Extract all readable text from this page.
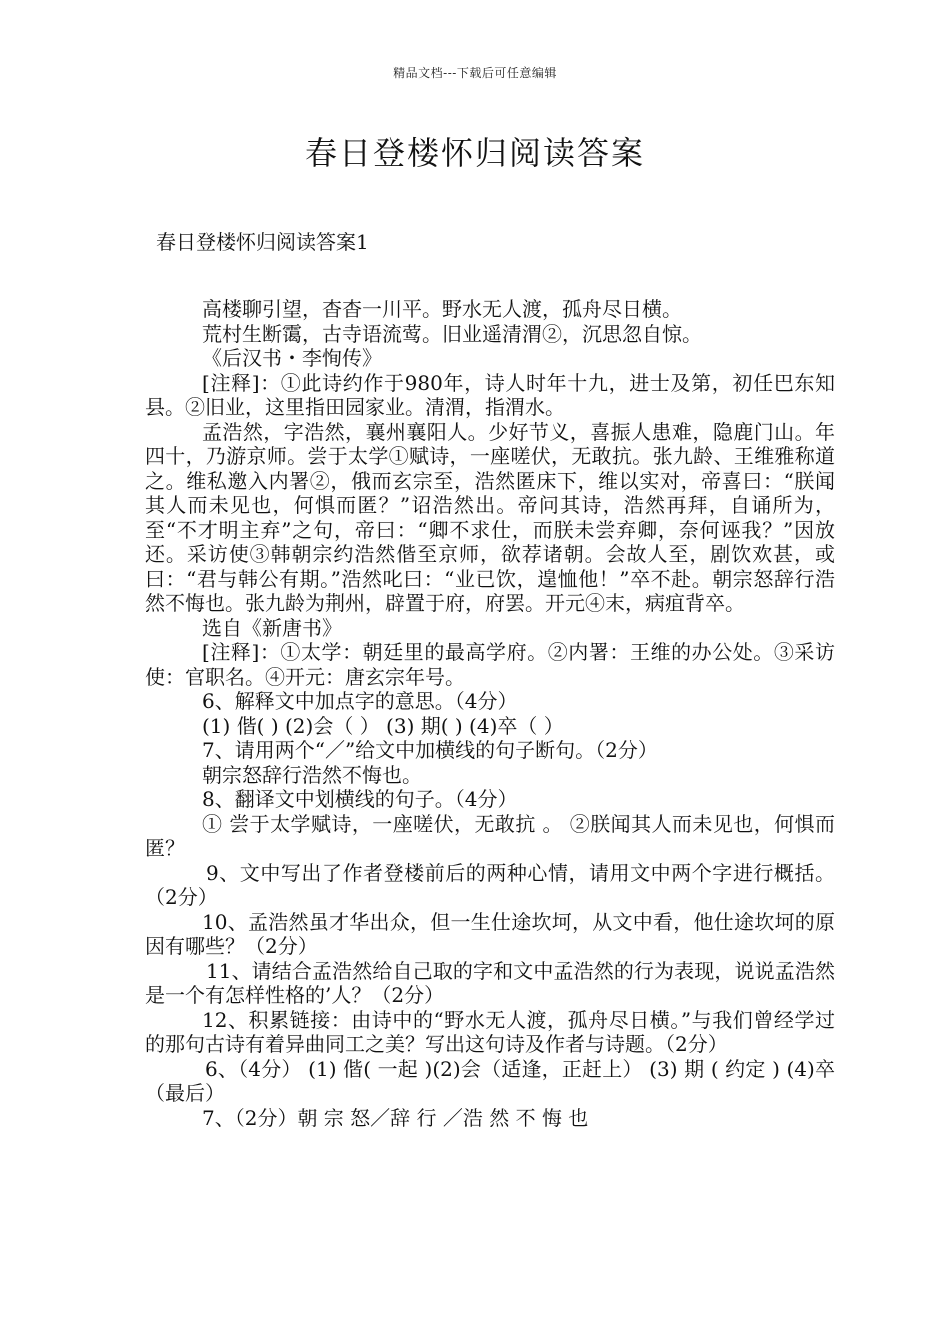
精品文档---下载后可任意编辑
春日登楼怀归阅读答案
春日登楼怀归阅读答案1

高楼聊引望，杳杳一川平。野水无人渡，孤舟尽日横。

荒村生断霭，古寺语流莺。旧业遥清渭②，沉思忽自惊。

《后汉书・李恂传》

[注释]：①此诗约作于980年，诗人时年十九，进士及第，初任巴东知县。②旧业，这里指田园家业。清渭，指渭水。

孟浩然，字浩然，襄州襄阳人。少好节义，喜振人患难，隐鹿门山。年四十，乃游京师。尝于太学①赋诗，一座嗟伏，无敢抗。张九龄、王维雅称道之。维私邀入内署②，俄而玄宗至，浩然匿床下，维以实对，帝喜曰：“朕闻其人而未见也，何惧而匿？”诏浩然出。帝问其诗，浩然再拜，自诵所为，至“不才明主弃”之句，帝曰：“卿不求仕，而朕未尝弃卿，奈何诬我？”因放还。采访使③韩朝宗约浩然偕至京师，欲荐诸朝。会故人至，剧饮欢甚，或曰：“君与韩公有期。”浩然叱曰：“业已饮，遑恤他！”卒不赴。朝宗怒辞行浩然不悔也。张九龄为荆州，辟置于府，府罢。开元④末，病疽背卒。

选自《新唐书》

[注释]：①太学：朝廷里的最高学府。②内署：王维的办公处。③采访使：官职名。④开元：唐玄宗年号。

6、解释文中加点字的意思。（4分）

(1) 偕( ) (2)会（ ） (3) 期( ) (4)卒（ ）

7、请用两个“／”给文中加横线的句子断句。（2分）

朝宗怒辞行浩然不悔也。

8、翻译文中划横线的句子。（4分）

① 尝于太学赋诗，一座嗟伏，无敢抗 。 ②朕闻其人而未见也，何惧而匿？

9、文中写出了作者登楼前后的两种心情，请用文中两个字进行概括。（2分）

10、孟浩然虽才华出众，但一生仕途坎坷，从文中看，他仕途坎坷的原因有哪些？（2分）

11、请结合孟浩然给自己取的字和文中孟浩然的行为表现，说说孟浩然是一个有怎样性格的’人？（2分）

12、积累链接：由诗中的“野水无人渡，孤舟尽日横。”与我们曾经学过的那句古诗有着异曲同工之美？写出这句诗及作者与诗题。（2分）

6、（4分） (1) 偕( 一起 )(2)会（适逢，正赶上） (3) 期 ( 约定 ) (4)卒（最后）

7、（2分）朝 宗 怒／辞 行 ／浩 然 不 悔 也
